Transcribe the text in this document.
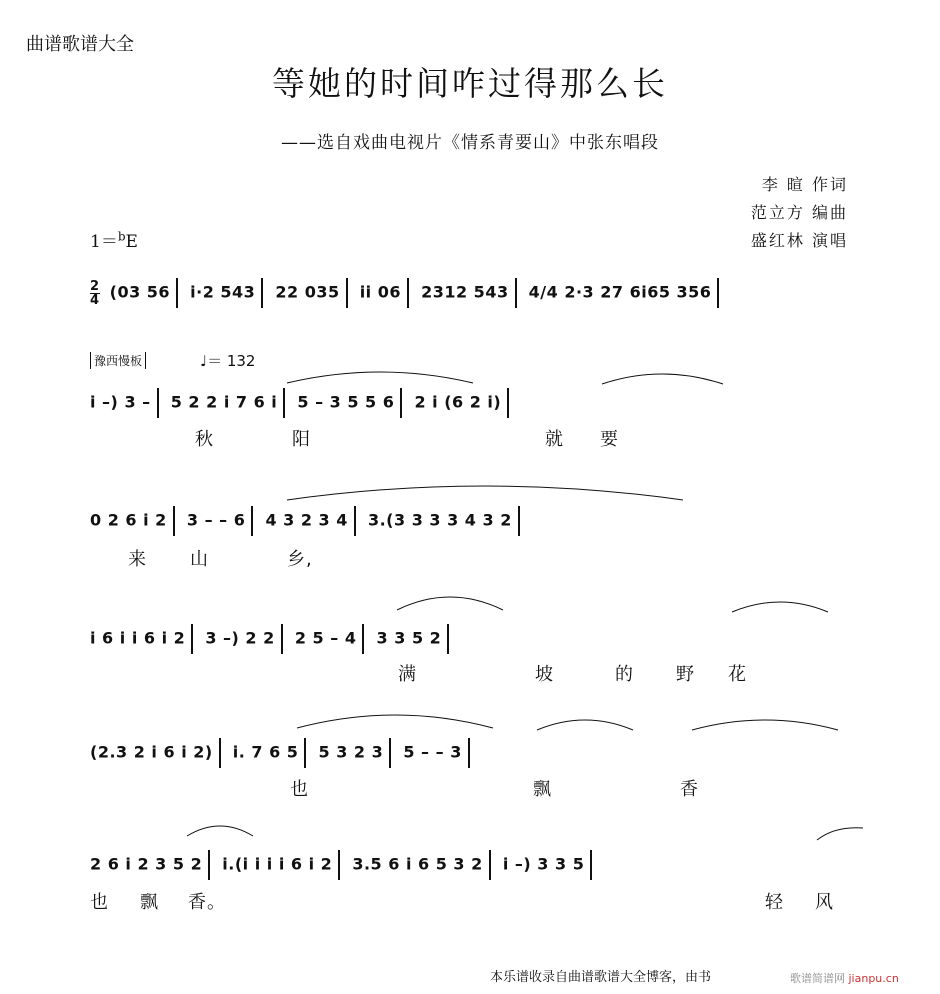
曲谱歌谱大全
等她的时间咋过得那么长
——选自戏曲电视片《情系青要山》中张东唱段
李 暄 作词
范立方 编曲
盛红林 演唱
1＝$^b$E
$\frac{2}{4} (03$ 56 i·2 543 22 035 ii 06 2312 543 4/4 2·3 27 6i65 356
豫西慢板	♩＝ 132
i –) 3 – 5 2 2 i 7 6 i 5 – 3 5 5 6 2 i (6 2 i)
秋	阳	就 要
0 2 6 i 2 3 – – 6 4 3 2 3 4 3.(3 3 3 3 4 3 2
来 山	乡,
i 6 i i 6 i 2 3 –) 2 2 2 5 – 4 3 3 5 2
满	坡	的 野 花
(2.3 2 i 6 i 2) i. 7 6 5 5 3 2 3 5 – – 3
也	飘	香
2 6 i 2 3 5 2 i.(i i i i 6 i 2 3.5 6 i 6 5 3 2 i –) 3 3 5
也 飘 香。	轻 风
本乐谱收录自曲谱歌谱大全博客，由书	歌谱简谱网 jianpu.cn
